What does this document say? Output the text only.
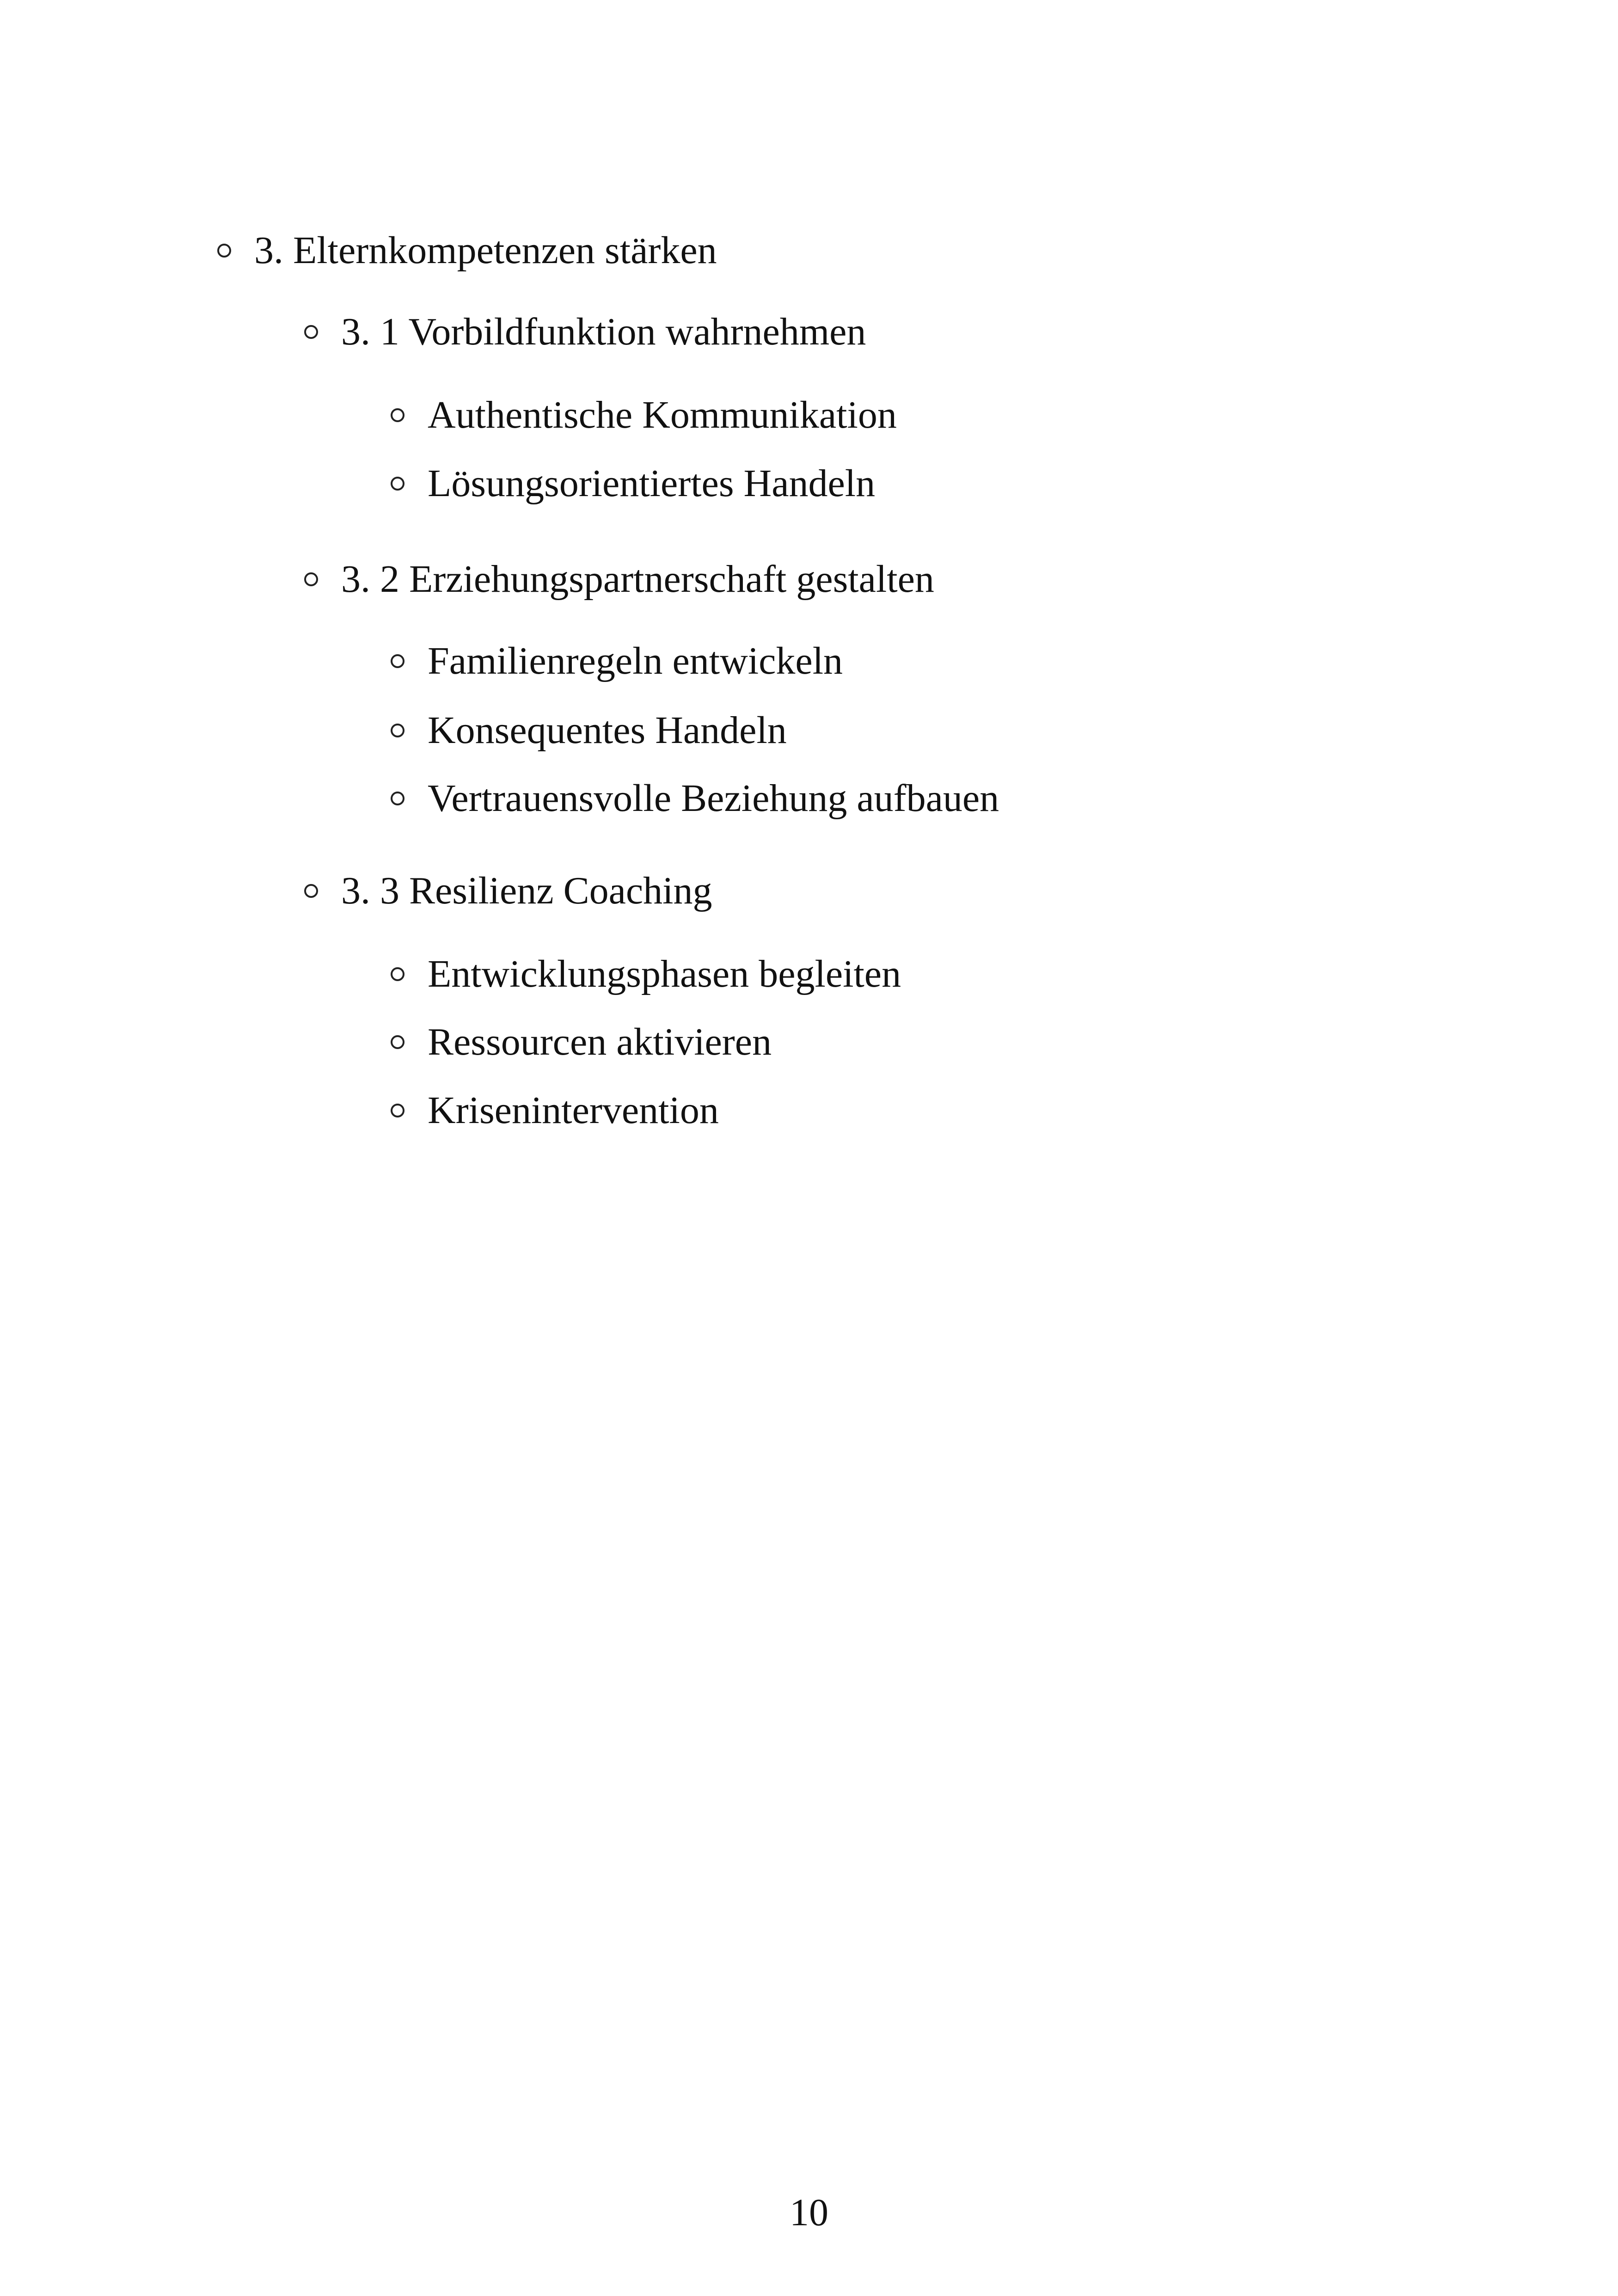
3. Elternkompetenzen stärken
3. 1 Vorbildfunktion wahrnehmen
Authentische Kommunikation
Lösungsorientiertes Handeln
3. 2 Erziehungspartnerschaft gestalten
Familienregeln entwickeln
Konsequentes Handeln
Vertrauensvolle Beziehung aufbauen
3. 3 Resilienz Coaching
Entwicklungsphasen begleiten
Ressourcen aktivieren
Krisenintervention
10
